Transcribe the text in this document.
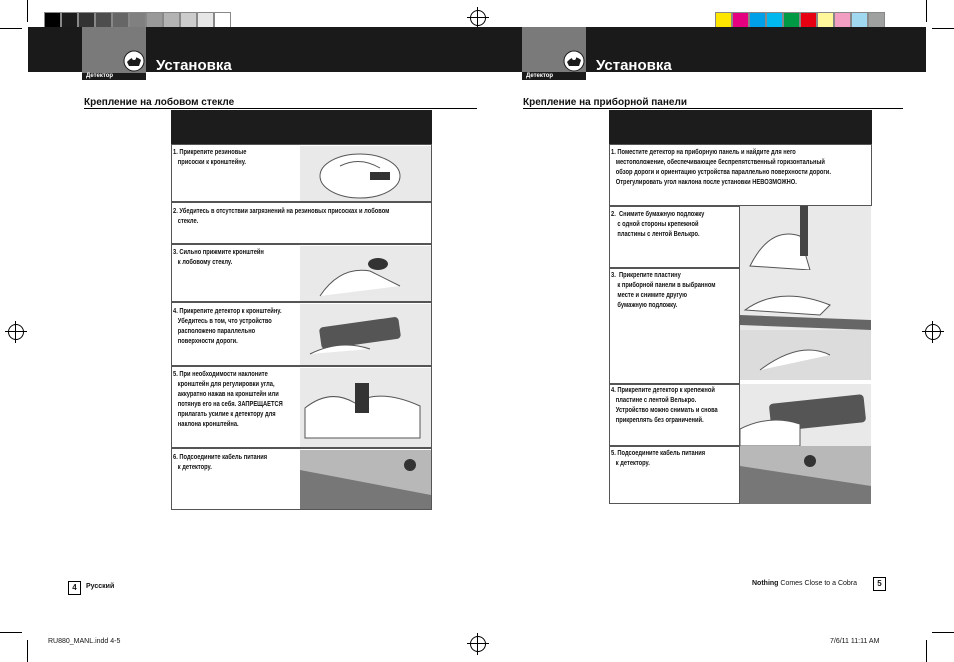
Детектор
Установка
Крепление на лобовом стекле
1. Прикрепите резиновые
присоски к кронштейну.
2. Убедитесь в отсутствии загрязнений на резиновых присосках и лобовом
стекле.
3. Сильно прижмите кронштейн
к лобовому стеклу.
4. Прикрепите детектор к кронштейну.
Убедитесь в том, что устройство
расположено параллельно
поверхности дороги.
5. При необходимости наклоните
кронштейн для регулировки угла,
аккуратно нажав на кронштейн или
потянув его на себя. ЗАПРЕЩАЕТСЯ
прилагать усилие к детектору для
наклона кронштейна.
6. Подсоедините кабель питания
к детектору.
4	Русский
Детектор
Установка
Крепление на приборной панели
1. Поместите детектор на приборную панель и найдите для него
местоположение, обеспечивающее беспрепятственный горизонтальный
обзор дороги и ориентацию устройства параллельно поверхности дороги.
Отрегулировать угол наклона после установки НЕВОЗМОЖНО.
2.  Снимите бумажную подложку
с одной стороны крепежной
пластины с лентой Велькро.
3.  Прикрепите пластину
к приборной панели в выбранном
месте и снимите другую
бумажную подложку.
4. Прикрепите детектор к крепежной
пластине с лентой Велькро.
Устройство можно снимать и снова
прикреплять без ограничений.
5. Подсоедините кабель питания
к детектору.
Nothing Comes Close to a Cobra	5
RU880_MANL.indd 4-5	7/6/11 11:11 AM
